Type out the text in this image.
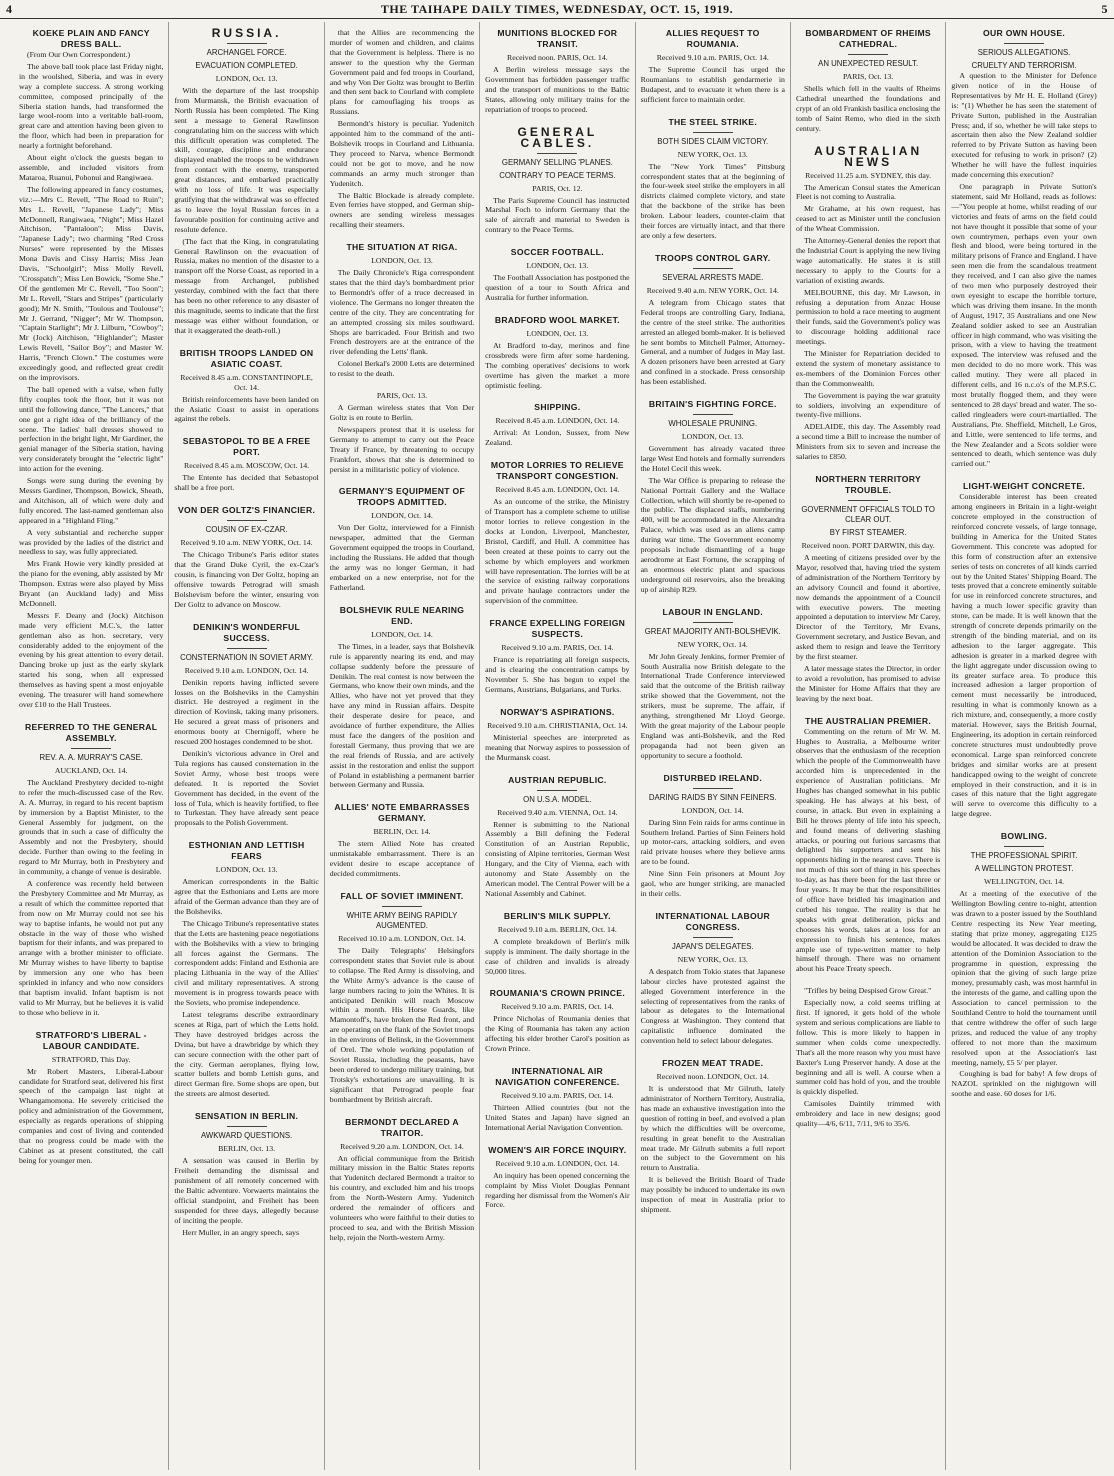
4	THE TAIHAPE DAILY TIMES, WEDNESDAY, OCT. 15, 1919.	5
KOEKE PLAIN AND FANCY DRESS BALL.

(From Our Own Correspondent.)

The above ball took place last Friday night, in the woolshed, Siberia, and was in every way a complete success. A strong working committee, composed principally of the Siberia station hands, had transformed the large wool-room into a veritable ball-room, great care and attention having been given to the floor, which had been in preparation for nearly a fortnight beforehand.

About eight o'clock the guests began to assemble, and included visitors from Mataroa, Ruanui, Pohonui and Rangiwaea.

The following appeared in fancy costumes, viz.:—Mrs C. Revell, "The Road to Ruin"; Mrs L. Revell, "Japanese Lady"; Miss McDonnell, Rangiwaea, "Night"; Miss Hazel Aitchison, "Pantaloon"; Miss Davis, "Japanese Lady"; two charming "Red Cross Nurses" were represented by the Misses Mona Davis and Cissy Harris; Miss Jean Davis, "Schoolgirl"; Miss Molly Revell, "Crosspatch"; Miss Len Bowick, "Some She." Of the gentlemen Mr C. Revell, "Too Soon"; Mr L. Revell, "Stars and Stripes" (particularly good); Mr N. Smith, "Toulous and Toulouse"; Mr J. Gerrand, "Nigger"; Mr W. Thompson, "Captain Starlight"; Mr J. Lilburn, "Cowboy"; Mr (Jock) Aitchison, "Highlander"; Master Lewis Revell, "Sailor Boy"; and Master W. Harris, "French Clown." The costumes were exceedingly good, and reflected great credit on the improvisors.

The ball opened with a valse, when fully fifty couples took the floor, but it was not until the following dance, "The Lancers," that one got a right idea of the brilliancy of the scene. The ladies' ball dresses showed to perfection in the bright light, Mr Gardiner, the genial manager of the Siberia station, having very considerately brought the "electric light" into action for the evening.

Songs were sung during the evening by Messrs Gardiner, Thompson, Bowick, Sheath, and Aitchison, all of which were duly and fully encored. The last-named gentleman also appeared in a "Highland Fling."

A very substantial and recherche supper was provided by the ladies of the district and needless to say, was fully appreciated.

Mrs Frank Howie very kindly presided at the piano for the evening, ably assisted by Mr Thompson. Extras were also played by Miss Bryant (an Auckland lady) and Miss McDonnell.

Messrs F. Deany and (Jock) Aitchison made very efficient M.C.'s, the latter gentleman also as hon. secretary, very considerably added to the enjoyment of the evening by his great attention to every detail. Dancing broke up just as the early skylark started his song, when all expressed themselves as having spent a most enjoyable evening. The treasurer will hand somewhere over £10 to the Hall Trustees.

REFERRED TO THE GENERAL ASSEMBLY.
REV. A. A. MURRAY'S CASE.
AUCKLAND, Oct. 14.

The Auckland Presbytery decided to-night to refer the much-discussed case of the Rev. A. A. Murray, in regard to his recent baptism by immersion by a Baptist Minister, to the General Assembly for judgment, on the grounds that in such a case of difficulty the Assembly and not the Presbytery, should decide. Further than owing to the feeling in regard to Mr Murray, both in Presbytery and in community, a change of venue is desirable.

A conference was recently held between the Presbytery Committee and Mr Murray, as a result of which the committee reported that from now on Mr Murray could not see his way to baptise infants, he would not put any obstacle in the way of those who wished baptism for their infants, and was prepared to arrange with a brother minister to officiate. Mr Murray wishes to have liberty to baptise by immersion any one who has been sprinkled in infancy and who now considers that baptism invalid. Infant baptism is not valid to Mr Murray, but he believes it is valid to those who believe in it.

STRATFORD'S LIBERAL - LABOUR CANDIDATE.
STRATFORD, This Day.

Mr Robert Masters, Liberal-Labour candidate for Stratford seat, delivered his first speech of the campaign last night at Whangamomona. He severely criticised the policy and administration of the Government, especially as regards operations of shipping companies and cost of living and contended that no progress could be made with the Cabinet as at present constituted, the call being for younger men.

RUSSIA.
ARCHANGEL FORCE.
EVACUATION COMPLETED.
LONDON, Oct. 13.

With the departure of the last troopship from Murmansk, the British evacuation of North Russia has been completed. The King sent a message to General Rawlinson congratulating him on the success with which this difficult operation was completed. The skill, courage, discipline and endurance displayed enabled the troops to be withdrawn from contact with the enemy, transported great distances, and embarked practically with no loss of life. It was especially gratifying that the withdrawal was so effected as to leave the loyal Russian forces in a favourable position for continuing active and resolute defence.

(The fact that the King, in congratulating General Rawlinson on the evacuation of Russia, makes no mention of the disaster to a transport off the Norse Coast, as reported in a message from Archangel, published yesterday, combined with the fact that there has been no other reference to any disaster of this magnitude, seems to indicate that the first message was either without foundation, or that it exaggerated the death-roll.)

BRITISH TROOPS LANDED ON ASIATIC COAST.
Received 8.45 a.m. CONSTANTINOPLE, Oct. 14.

British reinforcements have been landed on the Asiatic Coast to assist in operations against the rebels.

SEBASTOPOL TO BE A FREE PORT.
Received 8.45 a.m. MOSCOW, Oct. 14.

The Entente has decided that Sebastopol shall be a free port.

VON DER GOLTZ'S FINANCIER.
COUSIN OF EX-CZAR.
Received 9.10 a.m. NEW YORK, Oct. 14.

The Chicago Tribune's Paris editor states that the Grand Duke Cyril, the ex-Czar's cousin, is financing von Der Goltz, hoping an offensive towards Petrograd will smash Bolshevism before the winter, ensuring von Der Goltz to advance on Moscow.

DENIKIN'S WONDERFUL SUCCESS.
CONSTERNATION IN SOVIET ARMY.
Received 9.10 a.m. LONDON, Oct. 14.

Denikin reports having inflicted severe losses on the Bolsheviks in the Camyshin district. He destroyed a regiment in the direction of Kovinsk, taking many prisoners. He secured a great mass of prisoners and enormous booty at Chernigoff, where he rescued 200 hostages condemned to be shot.

Denikin's victorious advance in Orel and Tula regions has caused consternation in the Soviet Army, whose best troops were defeated. It is reported the Soviet Government has decided, in the event of the loss of Tula, which is heavily fortified, to flee to Turkestan. They have already sent peace proposals to the Polish Government.

ESTHONIAN AND LETTISH FEARS
LONDON, Oct. 13.

American correspondents in the Baltic agree that the Esthonians and Letts are more afraid of the German advance than they are of the Bolsheviks.

The Chicago Tribune's representative states that the Letts are hastening peace negotiations with the Bolsheviks with a view to bringing all forces against the Germans. The correspondent adds: Finland and Esthonia are placing Lithuania in the way of the Allies' civil and military representatives. A strong movement is in progress towards peace with the Soviets, who promise independence.

Latest telegrams describe extraordinary scenes at Riga, part of which the Letts hold. They have destroyed bridges across the Dvina, but have a drawbridge by which they can secure connection with the other part of the city. German aeroplanes, flying low, scatter bullets and bomb Lettish guns, and direct German fire. Some shops are open, but the streets are almost deserted.

SENSATION IN BERLIN.
AWKWARD QUESTIONS.
BERLIN, Oct. 13.

A sensation was caused in Berlin by Freiheit demanding the dismissal and punishment of all remotely concerned with the Baltic adventure. Vorwaerts maintains the official standpoint, and Freiheit has been suspended for three days, allegedly because of inciting the people.

Herr Muller, in an angry speech, says

that the Allies are recommencing the murder of women and children, and claims that the Government is helpless. There is no answer to the question why the German Government paid and fed troops in Courland, and why Von Der Goltz was brought to Berlin and then sent back to Courland with complete plans for camouflaging his troops as Russians.

Bermondt's history is peculiar. Yudenitch appointed him to the command of the anti-Bolshevik troops in Courland and Lithuania. They proceed to Narva, whence Bermondt could not be got to move, and he now commands an army much stronger than Yudenitch.

The Baltic Blockade is already complete. Even ferries have stopped, and German ship-owners are sending wireless messages recalling their steamers.

THE SITUATION AT RIGA.
LONDON, Oct. 13.

The Daily Chronicle's Riga correspondent states that the third day's bombardment prior to Bermondt's offer of a truce decreased in violence. The Germans no longer threaten the centre of the city. They are concentrating for an attempted crossing six miles southward. Shops are barricaded. Four British and two French destroyers are at the entrance of the river defending the Letts' flank.

Colonel Berkal's 2000 Letts are determined to resist to the death.

PARIS, Oct. 13.

A German wireless states that Von Der Goltz is en route to Berlin.

Newspapers protest that it is useless for Germany to attempt to carry out the Peace Treaty if France, by threatening to occupy Frankfort, shows that she is determined to persist in a militaristic policy of violence.

GERMANY'S EQUIPMENT OF TROOPS ADMITTED.
LONDON, Oct. 14.

Von Der Goltz, interviewed for a Finnish newspaper, admitted that the German Government equipped the troops in Courland, including the Russians. He added that though the army was no longer German, it had embarked on a new enterprise, not for the Fatherland.

BOLSHEVIK RULE NEARING END.
LONDON, Oct. 14.

The Times, in a leader, says that Bolshevik rule is apparently nearing its end, and may collapse suddenly before the pressure of Denikin. The real contest is now between the Germans, who know their own minds, and the Allies, who have not yet proved that they have any mind in Russian affairs. Despite their desperate desire for peace, and avoidance of further expenditure, the Allies must face the dangers of the position and forestall Germany, thus proving that we are the real friends of Russia, and are actively assist in the restoration and enlist the support of Poland in establishing a permanent barrier between Germany and Russia.

ALLIES' NOTE EMBARRASSES GERMANY.
BERLIN, Oct. 14.

The stern Allied Note has created unmistakable embarrassment. There is an evident desire to escape acceptance of decided commitments.

FALL OF SOVIET IMMINENT.
WHITE ARMY BEING RAPIDLY AUGMENTED.
Received 10.10 a.m. LONDON, Oct. 14.

The Daily Telegraphs' Helsingfors correspondent states that Soviet rule is about to collapse. The Red Army is dissolving, and the White Army's advance is the cause of large numbers racing to join the Whites. It is anticipated Denikin will reach Moscow within a month. His Horse Guards, like Mamontoff's, have broken the Red front, and are operating on the flank of the Soviet troops in the environs of Belinsk, in the Government of Orel. The whole working population of Soviet Russia, including the peasants, have been ordered to undergo military training, but Trotsky's exhortations are unavailing. It is significant that Petrograd people fear bombardment by British aircraft.

BERMONDT DECLARED A TRAITOR.
Received 9.20 a.m. LONDON, Oct. 14.

An official communique from the British military mission in the Baltic States reports that Yudenitch declared Bermondt a traitor to his country, and excluded him and his troops from the North-Western Army. Yudenitch ordered the remainder of officers and volunteers who were faithful to their duties to proceed to sea, and with the British Mission help, rejoin the North-western Army.

MUNITIONS BLOCKED FOR TRANSIT.
Received noon. PARIS, Oct. 14.

A Berlin wireless message says the Government has forbidden passenger traffic and the transport of munitions to the Baltic States, allowing only military trains for the repatriation of troops to proceed.

GENERAL CABLES.
GERMANY SELLING 'PLANES.
CONTRARY TO PEACE TERMS.
PARIS, Oct. 12.

The Paris Supreme Council has instructed Marshal Foch to inform Germany that the sale of aircraft and material to Sweden is contrary to the Peace Terms.

SOCCER FOOTBALL.
LONDON, Oct. 13.

The Football Association has postponed the question of a tour to South Africa and Australia for further information.

BRADFORD WOOL MARKET.
LONDON, Oct. 13.

At Bradford to-day, merinos and fine crossbreds were firm after some hardening. The combing operatives' decisions to work overtime has given the market a more optimistic feeling.

SHIPPING.
Received 8.45 a.m. LONDON, Oct. 14.

Arrival: At London, Sussex, from New Zealand.

MOTOR LORRIES TO RELIEVE TRANSPORT CONGESTION.
Received 8.45 a.m. LONDON, Oct. 14.

As an outcome of the strike, the Ministry of Transport has a complete scheme to utilise motor lorries to relieve congestion in the docks at London, Liverpool, Manchester, Bristol, Cardiff, and Hull. A committee has been created at these points to carry out the scheme by which employers and workmen will have representation. The lorries will be at the service of existing railway corporations and private haulage contractors under the supervision of the committee.

FRANCE EXPELLING FOREIGN SUSPECTS.
Received 9.10 a.m. PARIS, Oct. 14.

France is repatriating all foreign suspects, and is clearing the concentration camps by November 5. She has begun to expel the Germans, Austrians, Bulgarians, and Turks.

NORWAY'S ASPIRATIONS.
Received 9.10 a.m. CHRISTIANIA, Oct. 14.

Ministerial speeches are interpreted as meaning that Norway aspires to possession of the Murmansk coast.

AUSTRIAN REPUBLIC.
ON U.S.A. MODEL.
Received 9.40 a.m. VIENNA, Oct. 14.

Renner is submitting to the National Assembly a Bill defining the Federal Constitution of an Austrian Republic, consisting of Alpine territories, German West Hungary, and the City of Vienna, each with autonomy and State Assembly on the American model. The Central Power will be a National Assembly and Cabinet.

BERLIN'S MILK SUPPLY.
Received 9.10 a.m. BERLIN, Oct. 14.

A complete breakdown of Berlin's milk supply is imminent. The daily shortage in the case of children and invalids is already 50,000 litres.

ROUMANIA'S CROWN PRINCE.
Received 9.10 a.m. PARIS, Oct. 14.

Prince Nicholas of Roumania denies that the King of Roumania has taken any action affecting his elder brother Carol's position as Crown Prince.

INTERNATIONAL AIR NAVIGATION CONFERENCE.
Received 9.10 a.m. PARIS, Oct. 14.

Thirteen Allied countries (but not the United States and Japan) have signed an International Aerial Navigation Convention.

WOMEN'S AIR FORCE INQUIRY.
Received 9.10 a.m. LONDON, Oct. 14.

An inquiry has been opened concerning the complaint by Miss Violet Douglas Pennant regarding her dismissal from the Women's Air Force.

ALLIES REQUEST TO ROUMANIA.
Received 9.10 a.m. PARIS, Oct. 14.

The Supreme Council has urged the Roumanians to establish gendarmerie in Budapest, and to evacuate it when there is a sufficient force to maintain order.

THE STEEL STRIKE.
BOTH SIDES CLAIM VICTORY.
NEW YORK, Oct. 13.

The "New York Times" Pittsburg correspondent states that at the beginning of the four-week steel strike the employers in all districts claimed complete victory, and state that the backbone of the strike has been broken. Labour leaders, counter-claim that their forces are virtually intact, and that there are only a few deserters.

TROOPS CONTROL GARY.
SEVERAL ARRESTS MADE.
Received 9.40 a.m. NEW YORK, Oct. 14.

A telegram from Chicago states that Federal troops are controlling Gary, Indiana, the centre of the steel strike. The authorities arrested an alleged bomb-maker. It is believed he sent bombs to Mitchell Palmer, Attorney-General, and a number of Judges in May last. A dozen prisoners have been arrested at Gary and confined in a stockade. Press censorship has been established.

BRITAIN'S FIGHTING FORCE.
WHOLESALE PRUNING.
LONDON, Oct. 13.

Government has already vacated three large West End hotels and formally surrenders the Hotel Cecil this week.

The War Office is preparing to release the National Portrait Gallery and the Wallace Collection, which will shortly be re-opened to the public. The displaced staffs, numbering 400, will be accommodated in the Alexandra Palace, which was used as an aliens camp during war time. The Government economy proposals include dismantling of a huge aerodrome at East Fortune, the scrapping of an enormous electric plant and spacious underground oil reservoirs, also the breaking up of airship R29.

LABOUR IN ENGLAND.
GREAT MAJORITY ANTI-BOLSHEVIK.
NEW YORK, Oct. 14.

Mr John Grealy Jenkins, former Premier of South Australia now British delegate to the International Trade Conference interviewed said that the outcome of the British railway strike showed that the Government, not the strikers, must be supreme. The affair, if anything, strengthened Mr Lloyd George. With the great majority of the Labour people England was anti-Bolshevik, and the Red propaganda had not been given an opportunity to secure a foothold.

DISTURBED IRELAND.
DARING RAIDS BY SINN FEINERS.
LONDON, Oct. 14.

Daring Sinn Fein raids for arms continue in Southern Ireland. Parties of Sinn Feiners hold up motor-cars, attacking soldiers, and even raid private houses where they believe arms are to be found.

Nine Sinn Fein prisoners at Mount Joy gaol, who are hunger striking, are manacled in their cells.

INTERNATIONAL LABOUR CONGRESS.
JAPAN'S DELEGATES.
NEW YORK, Oct. 13.

A despatch from Tokio states that Japanese labour circles have protested against the alleged Government interference in the selecting of representatives from the ranks of labour as delegates to the International Congress at Washington. They contend that capitalistic influence dominated the convention held to select labour delegates.

FROZEN MEAT TRADE.
Received noon. LONDON, Oct. 14.

It is understood that Mr Gilruth, lately administrator of Northern Territory, Australia, has made an exhaustive investigation into the question of rotting in beef, and evolved a plan by which the difficulties will be overcome, resulting in great benefit to the Australian meat trade. Mr Gilruth submits a full report on the subject to the Government on his return to Australia.

It is believed the British Board of Trade may possibly be induced to undertake its own inspection of meat in Australia prior to shipment.

BOMBARDMENT OF RHEIMS CATHEDRAL.
AN UNEXPECTED RESULT.
PARIS, Oct. 13.

Shells which fell in the vaults of Rheims Cathedral unearthed the foundations and crypt of an old Frankish basilica enclosing the tomb of Saint Remo, who died in the sixth century.

AUSTRALIAN NEWS
Received 11.25 a.m. SYDNEY, this day.

The American Consul states the American Fleet is not coming to Australia.

Mr Grahame, at his own request, has ceased to act as Minister until the conclusion of the Wheat Commission.

The Attorney-General denies the report that the Industrial Court is applying the new living wage automatically. He states it is still necessary to apply to the Courts for a variation of existing awards.

MELBOURNE, this day. Mr Lawson, in refusing a deputation from Anzac House permission to hold a race meeting to augment their funds, said the Government's policy was to discourage holding additional race meetings.

The Minister for Repatriation decided to extend the system of monetary assistance to ex-members of the Dominion Forces other than the Commonwealth.

The Government is paying the war gratuity to soldiers, involving an expenditure of twenty-five millions.

ADELAIDE, this day. The Assembly read a second time a Bill to increase the number of Ministers from six to seven and increase the salaries to £850.

NORTHERN TERRITORY TROUBLE.
GOVERNMENT OFFICIALS TOLD TO CLEAR OUT.
BY FIRST STEAMER.
Received noon. PORT DARWIN, this day.

A meeting of citizens presided over by the Mayor, resolved that, having tried the system of administration of the Northern Territory by an advisory Council and found it abortive, now demands the appointment of a Council with executive powers. The meeting appointed a deputation to interview Mr Carey, Director of the Territory, Mr Evans, Government secretary, and Justice Bevan, and asked them to resign and leave the Territory by the first steamer.

A later message states the Director, in order to avoid a revolution, has promised to advise the Minister for Home Affairs that they are leaving by the next boat.

THE AUSTRALIAN PREMIER.

Commenting on the return of Mr W. M. Hughes to Australia, a Melbourne writer observes that the enthusiasm of the reception which the people of the Commonwealth have accorded him is unprecedented in the experience of Australian politicians. Mr Hughes has changed somewhat in his public speaking. He has always at his best, of course, in attack. But even in explaining a Bill he throws plenty of life into his speech, and found means of delivering slashing attacks, or pouring out furious sarcasms that delighted his supporters and sent his opponents hiding in the nearest cave. There is not much of this sort of thing in his speeches to-day, as has there been for the last three or four years. It may be that the responsibilities of office have bridled his imagination and curbed his tongue. The reality is that he speaks with great deliberation, picks and chooses his words, takes at a loss for an expression to finish his sentence, makes ample use of type-written matter to help himself through. There was no ornament about his Peace Treaty speech.

"Trifles by being Despised Grow Great."

Especially now, a cold seems trifling at first. If ignored, it gets hold of the whole system and serious complications are liable to follow. This is more likely to happen in summer when colds come unexpectedly. That's all the more reason why you must have Baxter's Lung Preserver handy. A dose at the beginning and all is well. A course when a summer cold has hold of you, and the trouble is quickly dispelled.

Camisoles Daintily trimmed with embroidery and lace in new designs; good quality—4/6, 6/11, 7/11, 9/6 to 35/6.

OUR OWN HOUSE.
SERIOUS ALLEGATIONS.
CRUELTY AND TERRORISM.

A question to the Minister for Defence given notice of in the House of Representatives by Mr H. E. Holland (Grey) is: "(1) Whether he has seen the statement of Private Sutton, published in the Australian Press; and, if so, whether he will take steps to ascertain then also the New Zealand soldier referred to by Private Sutton as having been executed for refusing to work in prison? (2) Whether he will have the fullest inquiries made concerning this execution?

One paragraph in Private Sutton's statement, said Mr Holland, reads as follows:—"You people at home, whilst reading of our victories and feats of arms on the field could not have thought it possible that some of your own countrymen, perhaps even your own flesh and blood, were being tortured in the military prisons of France and England. I have seen men die from the scandalous treatment they received, and I can also give the names of two men who purposely destroyed their own eyesight to escape the horrible torture, which was driving them insane. In the month of August, 1917, 35 Australians and one New Zealand soldier asked to see an Australian officer in high command, who was visiting the prison, with a view to having the treatment exposed. The interview was refused and the men decided to do no more work. This was called mutiny. They were all placed in different cells, and 16 n.c.o's of the M.P.S.C. most brutally flogged them, and they were sentenced to 28 days' bread and water. The so-called ringleaders were court-martialled. The Australians, Pte. Sheffield, Mitchell, Le Gros, and Little, were sentenced to life terms, and the New Zealander and a Scots soldier were sentenced to death, which sentence was duly carried out."

LIGHT-WEIGHT CONCRETE.

Considerable interest has been created among engineers in Britain in a light-weight concrete employed in the construction of reinforced concrete vessels, of large tonnage, building in America for the United States Government. This concrete was adopted for this form of construction after an extensive series of tests on concretes of all kinds carried out by the United States' Shipping Board. The tests proved that a concrete eminently suitable for use in reinforced concrete structures, and having a much lower specific gravity than stone, can be made. It is well known that the strength of concrete depends primarily on the strength of the binding material, and on its adhesion to the larger aggregate. This adhesion is greater in a marked degree with the light aggregate under discussion owing to its greater surface area. To produce this increased adhesion a larger proportion of cement must necessarily be introduced, resulting in what is commonly known as a rich mixture, and, consequently, a more costly material. However, says the British Journal, Engineering, its adoption in certain reinforced concrete structures must undoubtedly prove economical. Large span reinforced concrete bridges and similar works are at present handicapped owing to the weight of concrete employed in their construction, and it is in cases of this nature that the light aggregate will serve to overcome this difficulty to a large degree.

BOWLING.
THE PROFESSIONAL SPIRIT.
A WELLINGTON PROTEST.
WELLINGTON, Oct. 14.

At a meeting of the executive of the Wellington Bowling centre to-night, attention was drawn to a poster issued by the Southland Centre respecting its New Year meeting, stating that prize money, aggregating £125 would be allocated. It was decided to draw the attention of the Dominion Association to the programme in question, expressing the opinion that the giving of such large prize money, presumably cash, was most harmful in the interests of the game, and calling upon the Association to cancel permission to the Southland Centre to hold the tournament until that centre withdrew the offer of such large prizes, and reduced the value of any trophy offered to not more than the maximum resolved upon at the Association's last meeting, namely, £5 5/ per player.

Coughing is bad for baby! A few drops of NAZOL sprinkled on the nightgown will soothe and ease. 60 doses for 1/6.
